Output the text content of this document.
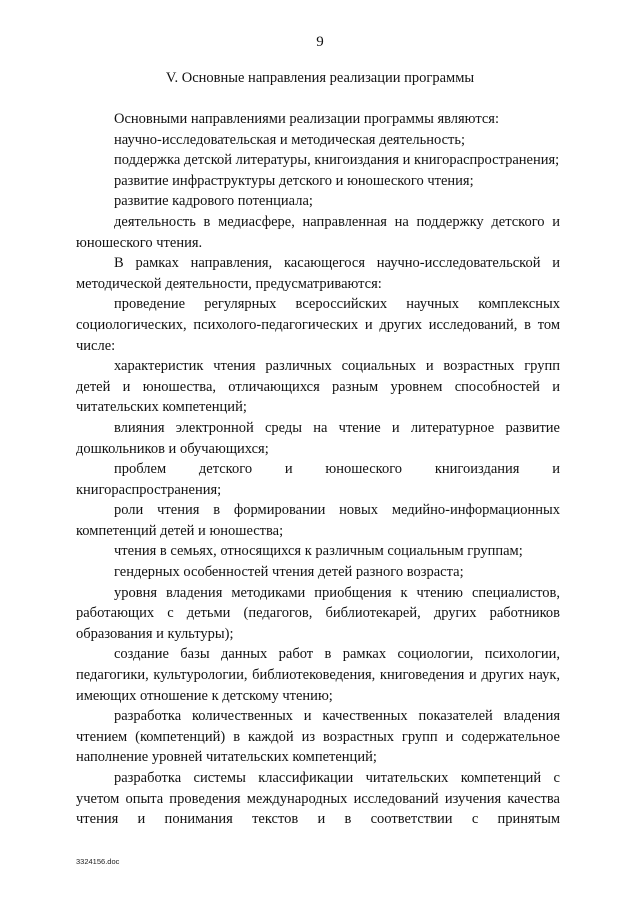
9
V. Основные направления реализации программы

Основными направлениями реализации программы являются:

научно-исследовательская и методическая деятельность;

поддержка детской литературы, книгоиздания и книгораспространения;

развитие инфраструктуры детского и юношеского чтения;

развитие кадрового потенциала;

деятельность в медиасфере, направленная на поддержку детского и юношеского чтения.

В рамках направления, касающегося научно-исследовательской и методической деятельности, предусматриваются:

проведение регулярных всероссийских научных комплексных социологических, психолого-педагогических и других исследований, в том числе:

характеристик чтения различных социальных и возрастных групп детей и юношества, отличающихся разным уровнем способностей и читательских компетенций;

влияния электронной среды на чтение и литературное развитие дошкольников и обучающихся;

проблем детского и юношеского книгоиздания и книгораспространения;

роли чтения в формировании новых медийно-информационных компетенций детей и юношества;

чтения в семьях, относящихся к различным социальным группам;

гендерных особенностей чтения детей разного возраста;

уровня владения методиками приобщения к чтению специалистов, работающих с детьми (педагогов, библиотекарей, других работников образования и культуры);

создание базы данных работ в рамках социологии, психологии, педагогики, культурологии, библиотековедения, книговедения и других наук, имеющих отношение к детскому чтению;

разработка количественных и качественных показателей владения чтением (компетенций) в каждой из возрастных групп и содержательное наполнение уровней читательских компетенций;

разработка системы классификации читательских компетенций с учетом опыта проведения международных исследований изучения качества чтения и понимания текстов и в соответствии с принятым

3324156.doc
